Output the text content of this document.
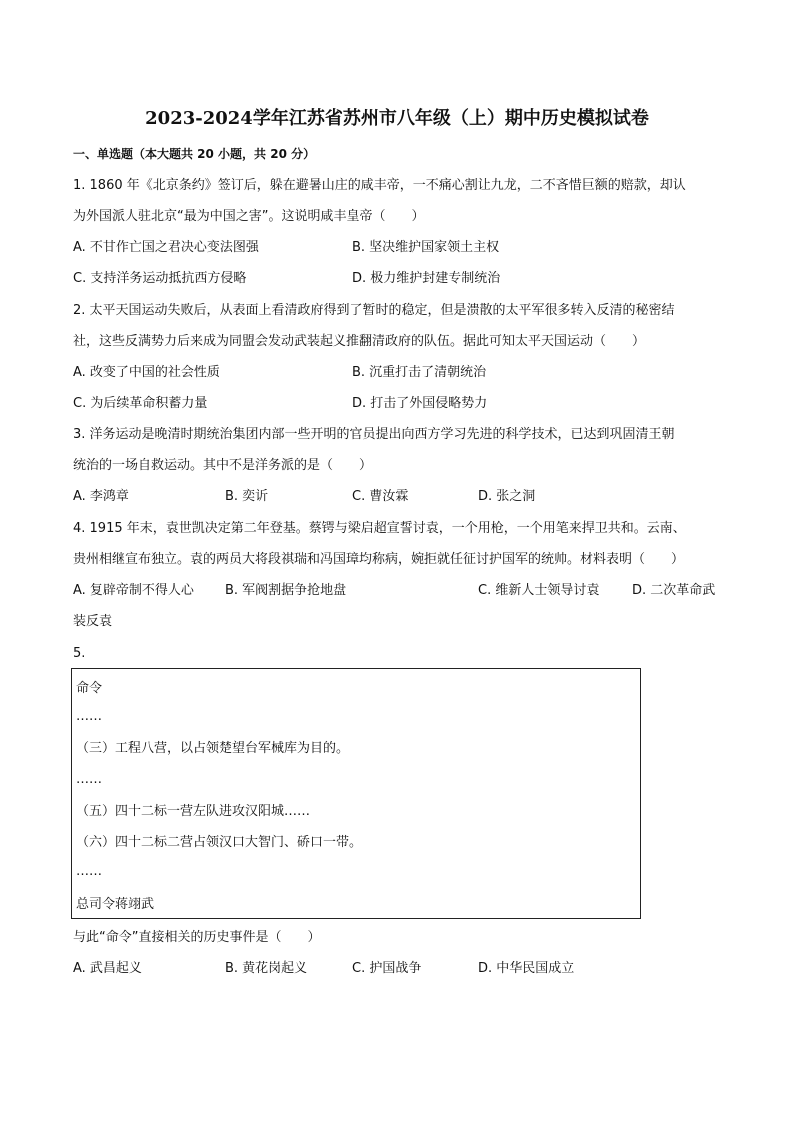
2023-2024学年江苏省苏州市八年级（上）期中历史模拟试卷
一、单选题（本大题共 20 小题，共 20 分）
1. 1860 年《北京条约》签订后，躲在避暑山庄的咸丰帝，一不痛心割让九龙，二不吝惜巨额的赔款，却认
为外国派人驻北京“最为中国之害”。这说明咸丰皇帝（　　）
A. 不甘作亡国之君决心变法图强	B. 坚决维护国家领土主权
C. 支持洋务运动抵抗西方侵略	D. 极力维护封建专制统治
2. 太平天国运动失败后，从表面上看清政府得到了暂时的稳定，但是溃散的太平军很多转入反清的秘密结
社，这些反满势力后来成为同盟会发动武装起义推翻清政府的队伍。据此可知太平天国运动（　　）
A. 改变了中国的社会性质	B. 沉重打击了清朝统治
C. 为后续革命积蓄力量	D. 打击了外国侵略势力
3. 洋务运动是晚清时期统治集团内部一些开明的官员提出向西方学习先进的科学技术，已达到巩固清王朝
统治的一场自救运动。其中不是洋务派的是（　　）
A. 李鸿章	B. 奕䜣	C. 曹汝霖	D. 张之洞
4. 1915 年末，袁世凯决定第二年登基。蔡锷与梁启超宣誓讨袁，一个用枪，一个用笔来捍卫共和。云南、
贵州相继宣布独立。袁的两员大将段祺瑞和冯国璋均称病，婉拒就任征讨护国军的统帅。材料表明（　　）
A. 复辟帝制不得人心 B. 军阀割据争抢地盘	C. 维新人士领导讨袁	D. 二次革命武
装反袁
5.
命令
……
（三）工程八营，以占领楚望台军械库为目的。
……
（五）四十二标一营左队进攻汉阳城……
（六）四十二标二营占领汉口大智门、硚口一带。
……
总司令蒋翊武
与此“命令”直接相关的历史事件是（　　）
A. 武昌起义	B. 黄花岗起义	C. 护国战争	D. 中华民国成立
